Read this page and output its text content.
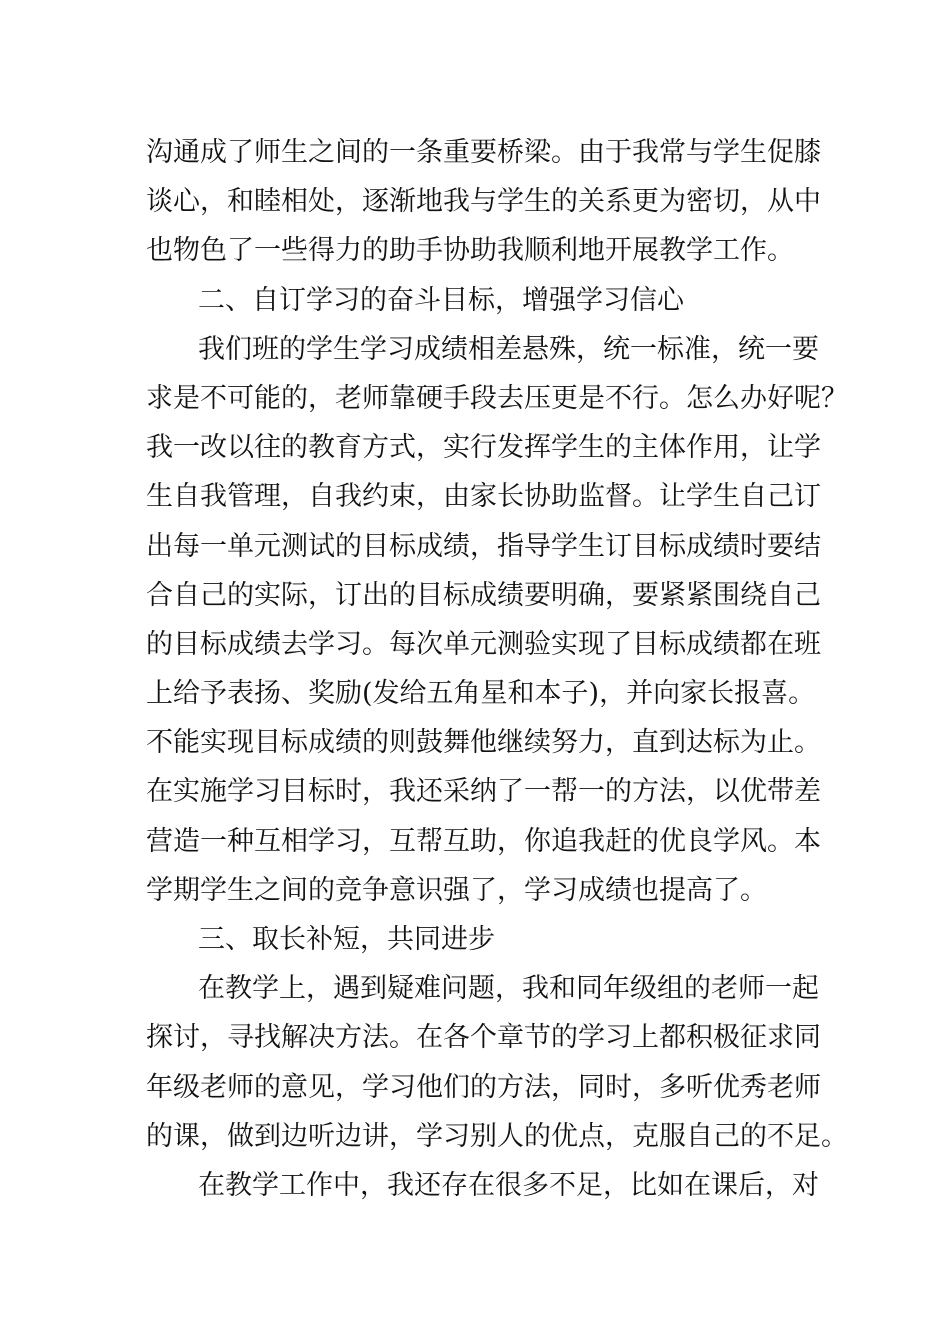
沟通成了师生之间的一条重要桥梁。由于我常与学生促膝
谈心，和睦相处，逐渐地我与学生的关系更为密切，从中
也物色了一些得力的助手协助我顺利地开展教学工作。
二、自订学习的奋斗目标，增强学习信心
我们班的学生学习成绩相差悬殊，统一标准，统一要
求是不可能的，老师靠硬手段去压更是不行。怎么办好呢？
我一改以往的教育方式，实行发挥学生的主体作用，让学
生自我管理，自我约束，由家长协助监督。让学生自己订
出每一单元测试的目标成绩，指导学生订目标成绩时要结
合自己的实际，订出的目标成绩要明确，要紧紧围绕自己
的目标成绩去学习。每次单元测验实现了目标成绩都在班
上给予表扬、奖励(发给五角星和本子)，并向家长报喜。
不能实现目标成绩的则鼓舞他继续努力，直到达标为止。
在实施学习目标时，我还采纳了一帮一的方法，以优带差
营造一种互相学习，互帮互助，你追我赶的优良学风。本
学期学生之间的竞争意识强了，学习成绩也提高了。
三、取长补短，共同进步
在教学上，遇到疑难问题，我和同年级组的老师一起
探讨，寻找解决方法。在各个章节的学习上都积极征求同
年级老师的意见，学习他们的方法，同时，多听优秀老师
的课，做到边听边讲，学习别人的优点，克服自己的不足。
在教学工作中，我还存在很多不足，比如在课后，对
